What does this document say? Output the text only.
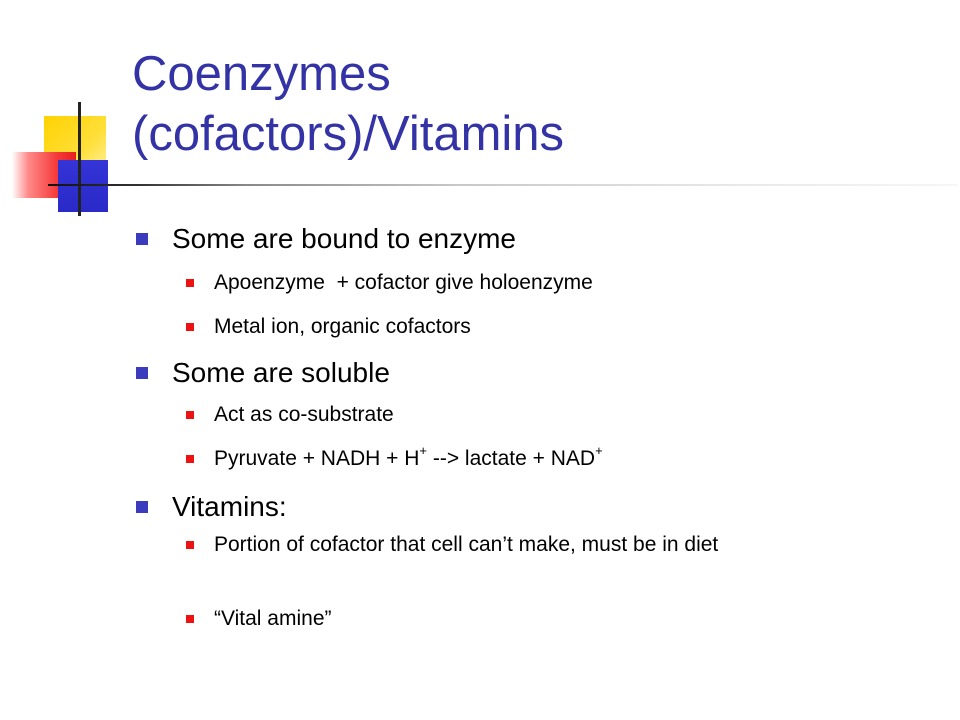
Coenzymes
(cofactors)/Vitamins
Some are bound to enzyme
Apoenzyme  + cofactor give holoenzyme
Metal ion, organic cofactors
Some are soluble
Act as co-substrate
Pyruvate + NADH + H+ --> lactate + NAD+
Vitamins:
Portion of cofactor that cell can’t make, must be in diet
“Vital amine”
